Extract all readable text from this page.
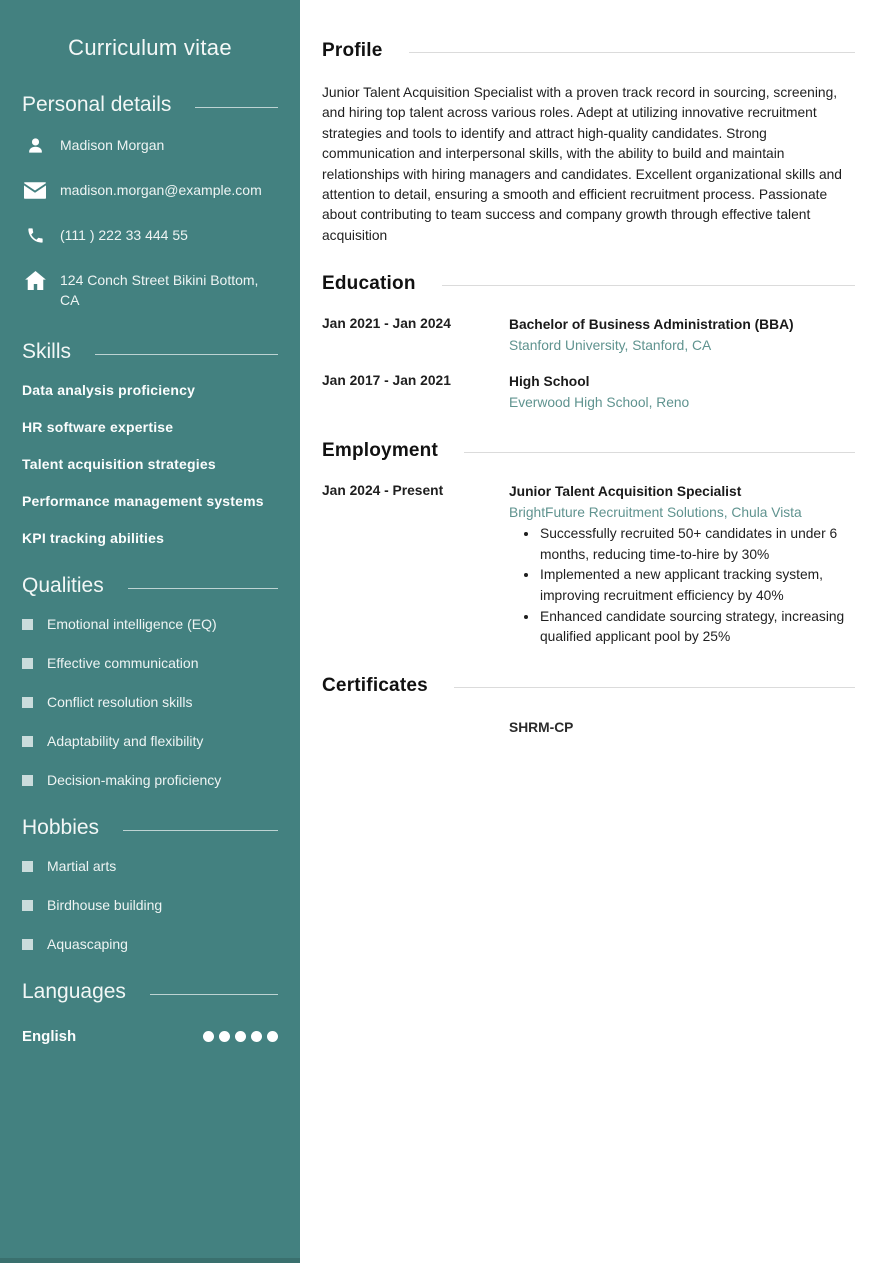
Curriculum vitae
Personal details
Madison Morgan
madison.morgan@example.com
(111 ) 222 33 444 55
124 Conch Street Bikini Bottom, CA
Skills
Data analysis proficiency
HR software expertise
Talent acquisition strategies
Performance management systems
KPI tracking abilities
Qualities
Emotional intelligence (EQ)
Effective communication
Conflict resolution skills
Adaptability and flexibility
Decision-making proficiency
Hobbies
Martial arts
Birdhouse building
Aquascaping
Languages
English
Profile

Junior Talent Acquisition Specialist with a proven track record in sourcing, screening, and hiring top talent across various roles. Adept at utilizing innovative recruitment strategies and tools to identify and attract high-quality candidates. Strong communication and interpersonal skills, with the ability to build and maintain relationships with hiring managers and candidates. Excellent organizational skills and attention to detail, ensuring a smooth and efficient recruitment process. Passionate about contributing to team success and company growth through effective talent acquisition

Education
Jan 2021 - Jan 2024	Bachelor of Business Administration (BBA)
Stanford University, Stanford, CA
Jan 2017 - Jan 2021	High School
Everwood High School, Reno
Employment
Jan 2024 - Present	Junior Talent Acquisition Specialist
BrightFuture Recruitment Solutions, Chula Vista
• Successfully recruited 50+ candidates in under 6 months, reducing time-to-hire by 30%
• Implemented a new applicant tracking system, improving recruitment efficiency by 40%
• Enhanced candidate sourcing strategy, increasing qualified applicant pool by 25%
Certificates
SHRM-CP
